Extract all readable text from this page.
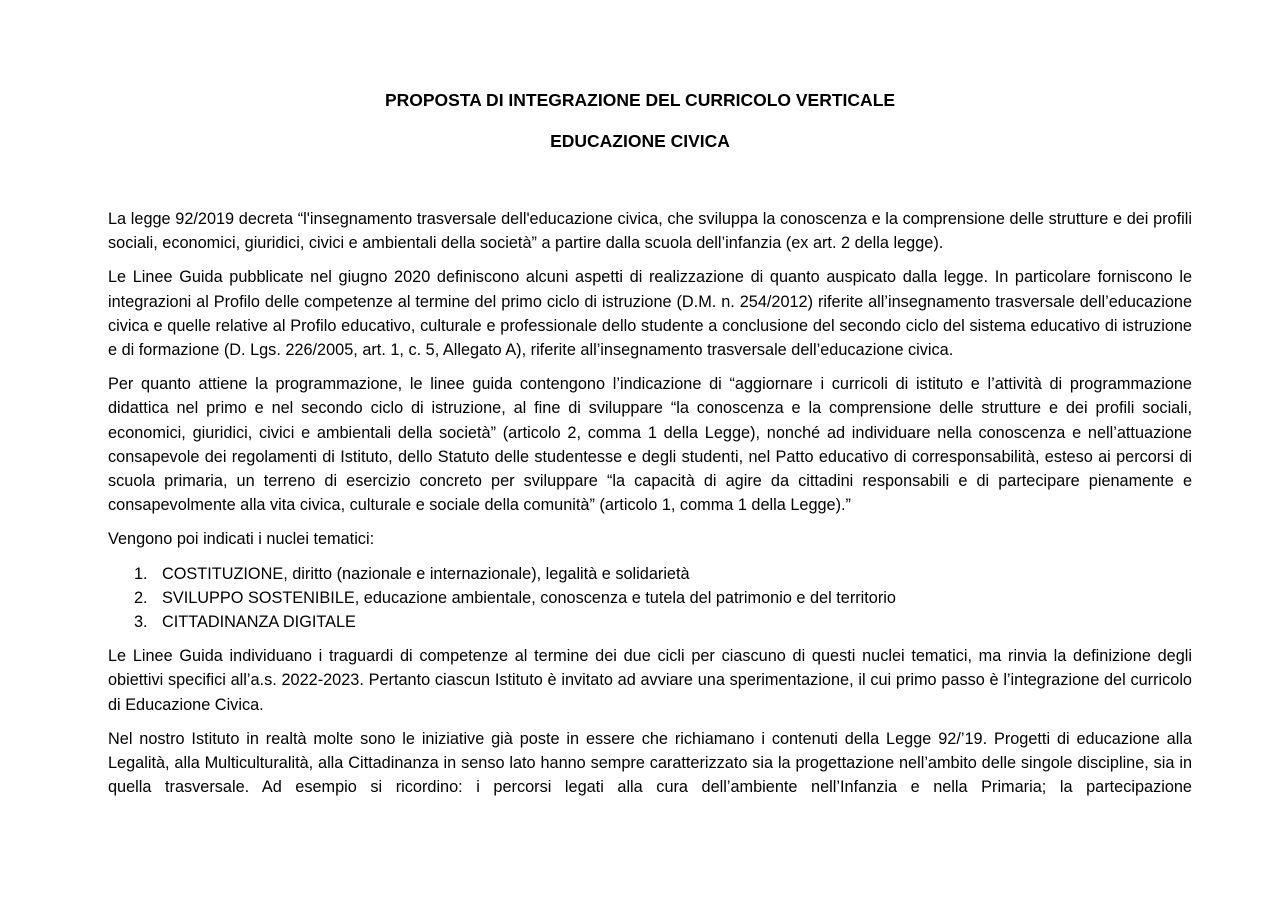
PROPOSTA DI INTEGRAZIONE DEL CURRICOLO VERTICALE
EDUCAZIONE CIVICA

La legge 92/2019 decreta “l'insegnamento trasversale dell'educazione civica, che sviluppa la conoscenza e la comprensione delle strutture e dei profili sociali, economici, giuridici, civici e ambientali della società” a partire dalla scuola dell’infanzia (ex art. 2 della legge).

Le Linee Guida pubblicate nel giugno 2020 definiscono alcuni aspetti di realizzazione di quanto auspicato dalla legge. In particolare forniscono le integrazioni al Profilo delle competenze al termine del primo ciclo di istruzione (D.M. n. 254/2012) riferite all’insegnamento trasversale dell’educazione civica e quelle relative al Profilo educativo, culturale e professionale dello studente a conclusione del secondo ciclo del sistema educativo di istruzione e di formazione (D. Lgs. 226/2005, art. 1, c. 5, Allegato A), riferite all’insegnamento trasversale dell’educazione civica.

Per quanto attiene la programmazione, le linee guida contengono l’indicazione di “aggiornare i curricoli di istituto e l’attività di programmazione didattica nel primo e nel secondo ciclo di istruzione, al fine di sviluppare “la conoscenza e la comprensione delle strutture e dei profili sociali, economici, giuridici, civici e ambientali della società” (articolo 2, comma 1 della Legge), nonché ad individuare nella conoscenza e nell’attuazione consapevole dei regolamenti di Istituto, dello Statuto delle studentesse e degli studenti, nel Patto educativo di corresponsabilità, esteso ai percorsi di scuola primaria, un terreno di esercizio concreto per sviluppare “la capacità di agire da cittadini responsabili e di partecipare pienamente e consapevolmente alla vita civica, culturale e sociale della comunità” (articolo 1, comma 1 della Legge).”

Vengono poi indicati i nuclei tematici:

1. COSTITUZIONE, diritto (nazionale e internazionale), legalità e solidarietà
2. SVILUPPO SOSTENIBILE, educazione ambientale, conoscenza e tutela del patrimonio e del territorio
3. CITTADINANZA DIGITALE

Le Linee Guida individuano i traguardi di competenze al termine dei due cicli per ciascuno di questi nuclei tematici, ma rinvia la definizione degli obiettivi specifici all’a.s. 2022-2023. Pertanto ciascun Istituto è invitato ad avviare una sperimentazione, il cui primo passo è l’integrazione del curricolo di Educazione Civica.

Nel nostro Istituto in realtà molte sono le iniziative già poste in essere che richiamano i contenuti della Legge 92/’19. Progetti di educazione alla Legalità, alla Multiculturalità, alla Cittadinanza in senso lato hanno sempre caratterizzato sia la progettazione nell’ambito delle singole discipline, sia in quella trasversale. Ad esempio si ricordino: i percorsi legati alla cura dell’ambiente nell’Infanzia e nella Primaria; la partecipazione
